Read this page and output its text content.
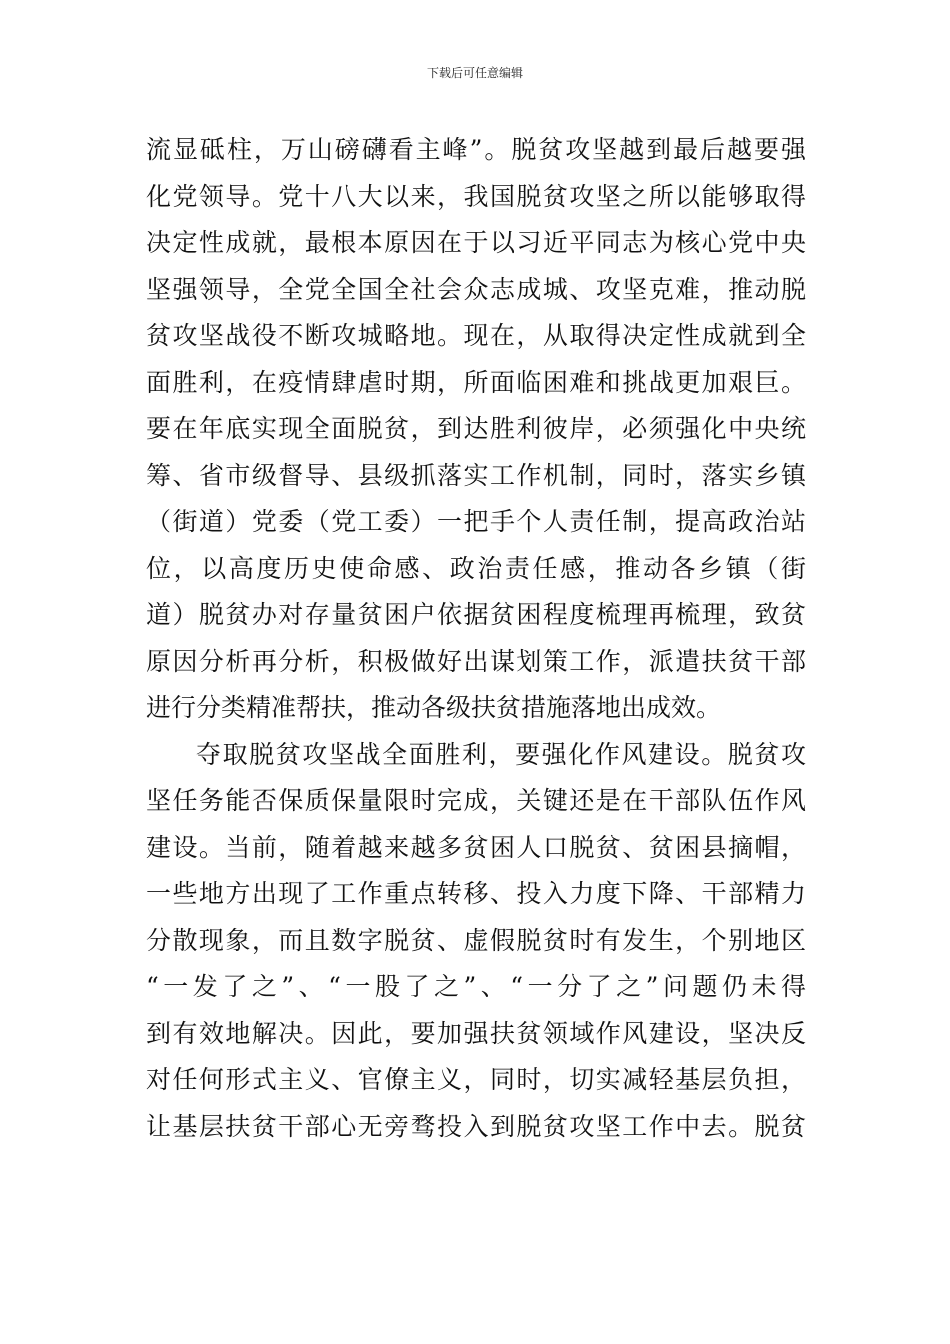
下载后可任意编辑
流显砥柱，万山磅礴看主峰”。脱贫攻坚越到最后越要强
化党领导。党十八大以来，我国脱贫攻坚之所以能够取得
决定性成就，最根本原因在于以习近平同志为核心党中央
坚强领导，全党全国全社会众志成城、攻坚克难，推动脱
贫攻坚战役不断攻城略地。现在，从取得决定性成就到全
面胜利，在疫情肆虐时期，所面临困难和挑战更加艰巨。
要在年底实现全面脱贫，到达胜利彼岸，必须强化中央统
筹、省市级督导、县级抓落实工作机制，同时，落实乡镇
（街道）党委（党工委）一把手个人责任制，提高政治站
位，以高度历史使命感、政治责任感，推动各乡镇（街
道）脱贫办对存量贫困户依据贫困程度梳理再梳理，致贫
原因分析再分析，积极做好出谋划策工作，派遣扶贫干部
进行分类精准帮扶，推动各级扶贫措施落地出成效。
夺取脱贫攻坚战全面胜利，要强化作风建设。脱贫攻
坚任务能否保质保量限时完成，关键还是在干部队伍作风
建设。当前，随着越来越多贫困人口脱贫、贫困县摘帽，
一些地方出现了工作重点转移、投入力度下降、干部精力
分散现象，而且数字脱贫、虚假脱贫时有发生，个别地区
“一发了之”、“一股了之”、“一分了之”问题仍未得
到有效地解决。因此，要加强扶贫领域作风建设，坚决反
对任何形式主义、官僚主义，同时，切实减轻基层负担，
让基层扶贫干部心无旁骛投入到脱贫攻坚工作中去。脱贫
